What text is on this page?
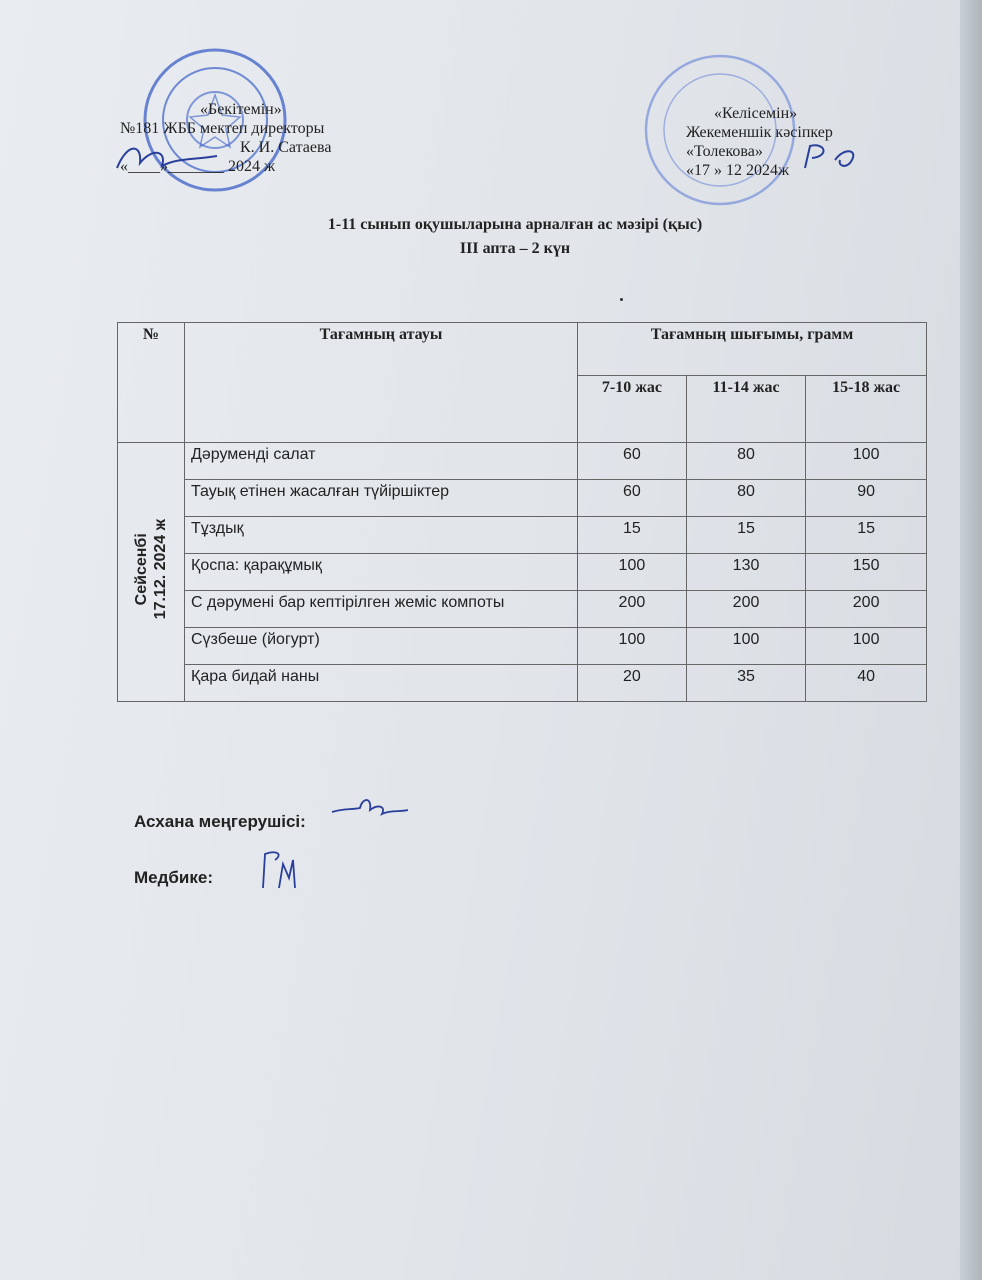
«Бекітемін»
№181 ЖББ мектеп директоры
К. И. Сатаева
«____»_______ 2024 ж
«Келісемін»
Жекеменшік кәсіпкер
«Толекова»
«17 » 12 2024ж
1-11 сынып оқушыларына арналған ас мәзірі (қыс)
ІІІ апта – 2 күн
№	Тағамның атауы	Тағамның шығымы, грамм		
		7-10 жас	11-14 жас	15-18 жас
Сейсенбі 17.12. 2024 ж	Дәруменді салат	60	80	100
	Тауық етінен жасалған түйіршіктер	60	80	90
	Тұздық	15	15	15
	Қоспа: қарақұмық	100	130	150
	С дәрумені бар кептірілген жеміс компоты	200	200	200
	Сүзбеше (йогурт)	100	100	100
	Қара бидай наны	20	35	40
Асхана меңгерушісі:
Медбике:
